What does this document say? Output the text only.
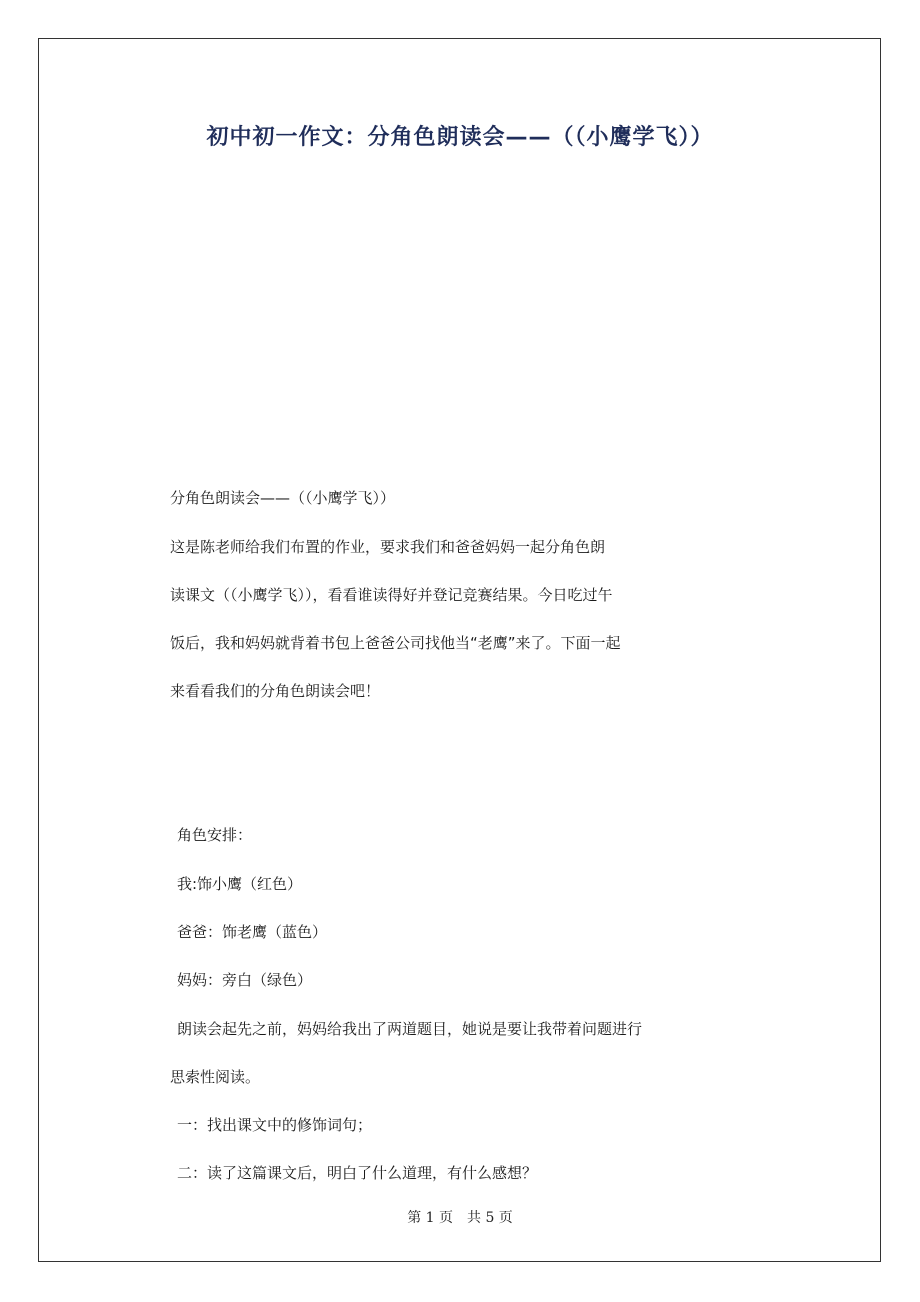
初中初一作文：分角色朗读会——（（小鹰学飞））
分角色朗读会——（（小鹰学飞））
这是陈老师给我们布置的作业，要求我们和爸爸妈妈一起分角色朗
读课文（（小鹰学飞）），看看谁读得好并登记竞赛结果。今日吃过午
饭后，我和妈妈就背着书包上爸爸公司找他当“老鹰”来了。下面一起
来看看我们的分角色朗读会吧！
角色安排：
我:饰小鹰（红色）
爸爸：饰老鹰（蓝色）
妈妈：旁白（绿色）
朗读会起先之前，妈妈给我出了两道题目，她说是要让我带着问题进行
思索性阅读。
一：找出课文中的修饰词句；
二：读了这篇课文后，明白了什么道理，有什么感想？
第 1 页　共 5 页
